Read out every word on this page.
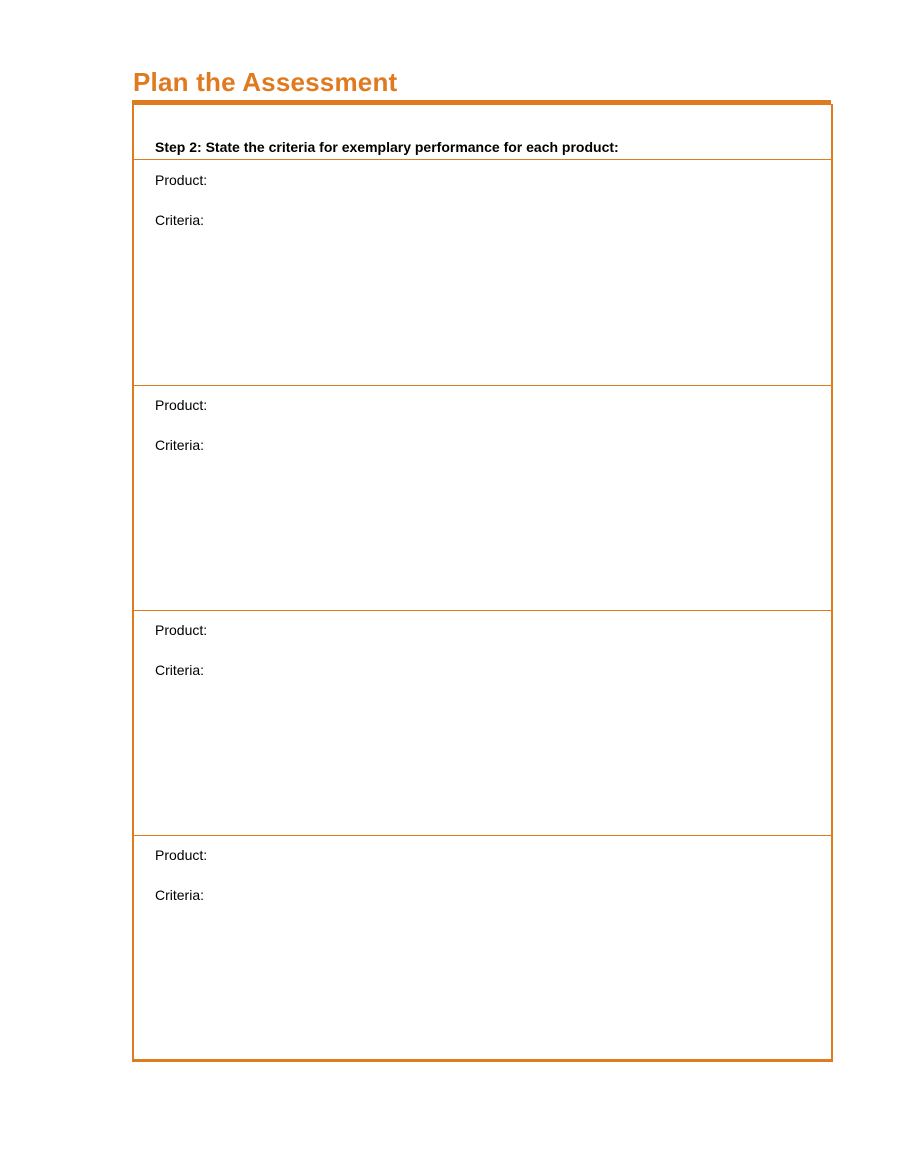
Plan the Assessment
Step 2: State the criteria for exemplary performance for each product:
Product:
Criteria:
Product:
Criteria:
Product:
Criteria:
Product:
Criteria:
